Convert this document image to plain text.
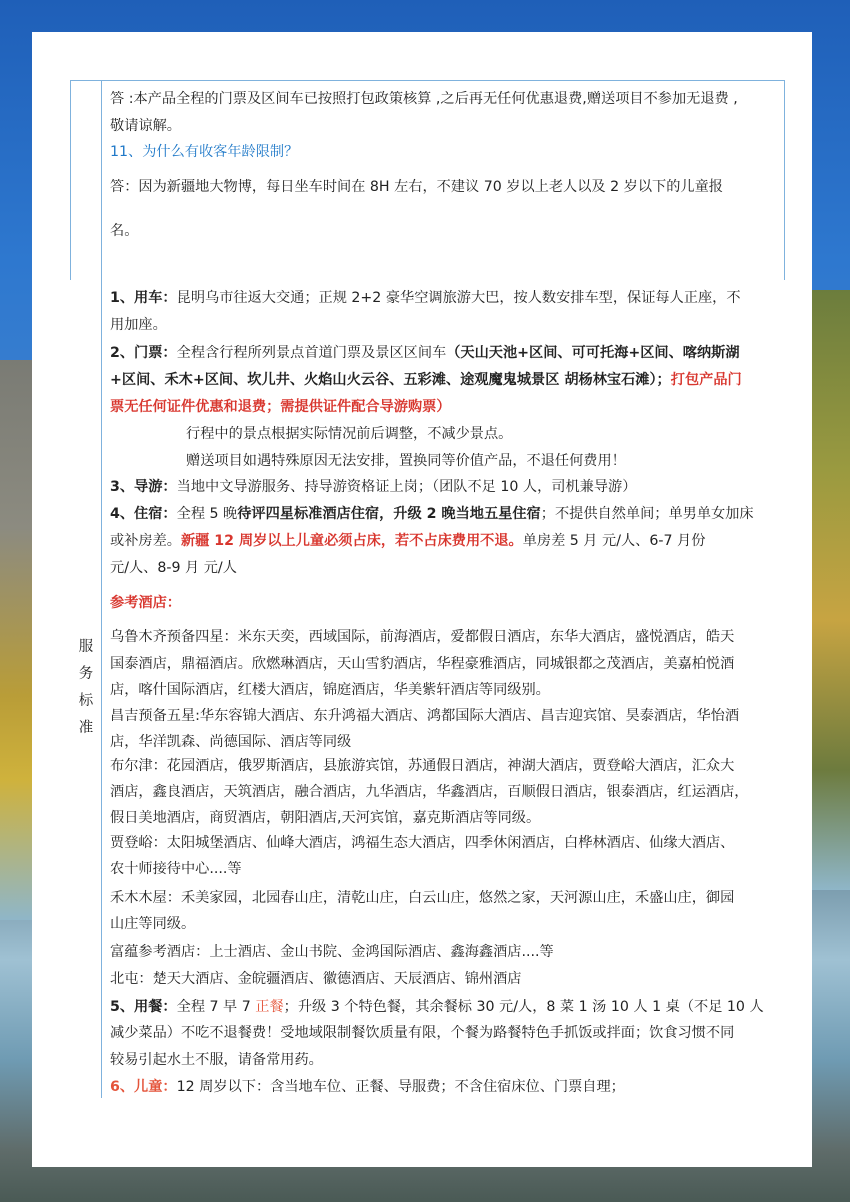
服
务
标
准
答 :本产品全程的门票及区间车已按照打包政策核算 ,之后再无任何优惠退费,赠送项目不参加无退费 ,
敬请谅解。
11、为什么有收客年龄限制？
答：因为新疆地大物博，每日坐车时间在 8H 左右，不建议 70 岁以上老人以及 2 岁以下的儿童报
名。
1、用车：昆明乌市往返大交通；正规 2+2 豪华空调旅游大巴，按人数安排车型，保证每人正座，不
用加座。
2、门票：全程含行程所列景点首道门票及景区区间车（天山天池+区间、可可托海+区间、喀纳斯湖
+区间、禾木+区间、坎儿井、火焰山火云谷、五彩滩、途观魔鬼城景区 胡杨林宝石滩）；打包产品门
票无任何证件优惠和退费；需提供证件配合导游购票）
行程中的景点根据实际情况前后调整，不减少景点。
赠送项目如遇特殊原因无法安排，置换同等价值产品，不退任何费用！
3、导游：当地中文导游服务、持导游资格证上岗；（团队不足 10 人，司机兼导游）
4、住宿：全程 5 晚待评四星标准酒店住宿，升级 2 晚当地五星住宿；不提供自然单间；单男单女加床
或补房差。新疆 12 周岁以上儿童必须占床，若不占床费用不退。单房差 5 月 元/人、6-7 月份
元/人、8-9 月 元/人
参考酒店：
乌鲁木齐预备四星：米东天奕，西域国际，前海酒店，爱都假日酒店，东华大酒店，盛悦酒店，皓天
国泰酒店，鼎福酒店。欣燃琳酒店，天山雪豹酒店，华程豪雅酒店，同城银都之茂酒店，美嘉柏悦酒
店，喀什国际酒店，红楼大酒店，锦庭酒店，华美紫轩酒店等同级别。
昌吉预备五星:华东容锦大酒店、东升鸿福大酒店、鸿都国际大酒店、昌吉迎宾馆、昊泰酒店，华怡酒
店，华洋凯森、尚德国际、酒店等同级
布尔津：花园酒店，俄罗斯酒店，县旅游宾馆，苏通假日酒店，神湖大酒店，贾登峪大酒店，汇众大
酒店，鑫良酒店，天筑酒店，融合酒店，九华酒店，华鑫酒店，百顺假日酒店，银泰酒店，红运酒店，
假日美地酒店，商贸酒店，朝阳酒店,天河宾馆，嘉克斯酒店等同级。
贾登峪：太阳城堡酒店、仙峰大酒店，鸿福生态大酒店，四季休闲酒店，白桦林酒店、仙缘大酒店、
农十师接待中心....等
禾木木屋：禾美家园，北园春山庄，清乾山庄，白云山庄，悠然之家，天河源山庄，禾盛山庄，御园
山庄等同级。
富蕴参考酒店：上士酒店、金山书院、金鸿国际酒店、鑫海鑫酒店....等
北屯：楚天大酒店、金皖疆酒店、徽德酒店、天辰酒店、锦州酒店
5、用餐：全程 7 早 7 正餐；升级 3 个特色餐，其余餐标 30 元/人，8 菜 1 汤 10 人 1 桌（不足 10 人
减少菜品）不吃不退餐费！受地域限制餐饮质量有限，个餐为路餐特色手抓饭或拌面；饮食习惯不同
较易引起水土不服，请备常用药。
6、儿童：12 周岁以下：含当地车位、正餐、导服费；不含住宿床位、门票自理；
